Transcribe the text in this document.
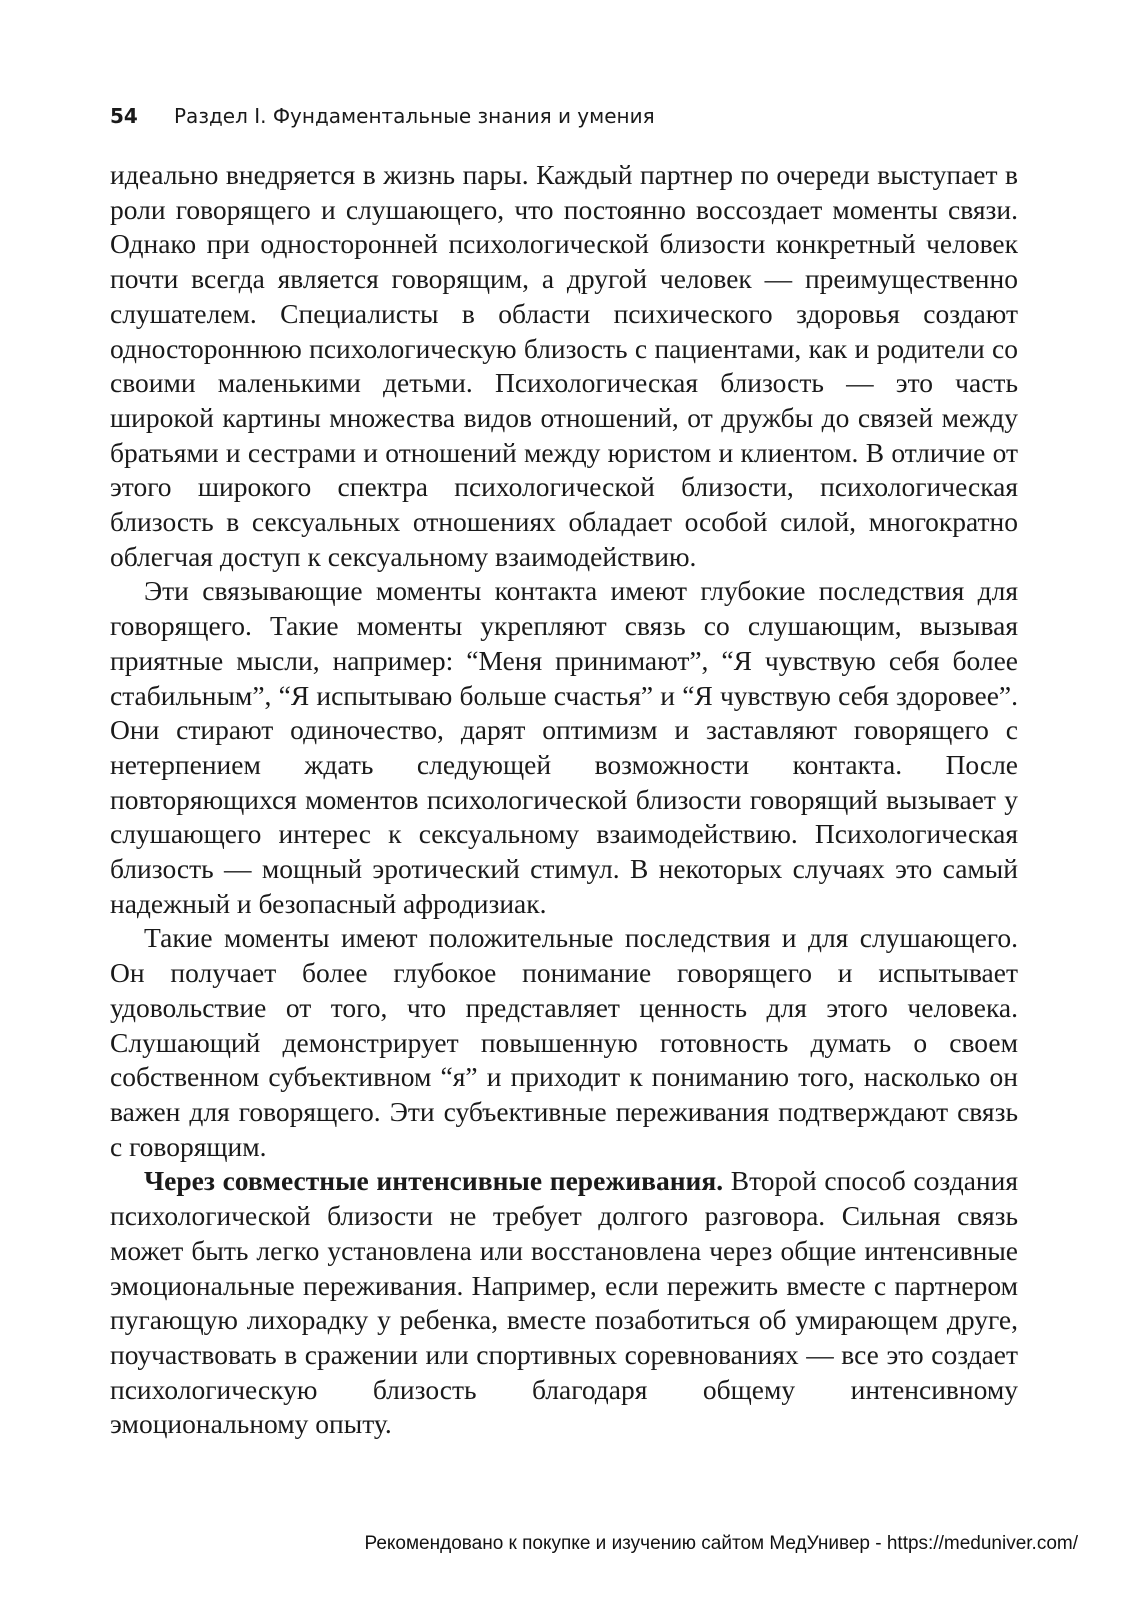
54 Раздел I. Фундаментальные знания и умения

идеально внедряется в жизнь пары. Каждый партнер по очереди выступает в роли говорящего и слушающего, что постоянно воссоздает моменты связи. Однако при односторонней психологической близости конкретный человек почти всегда является говорящим, а другой человек — преимущественно слушателем. Специалисты в области психического здоровья создают одностороннюю психологическую близость с пациентами, как и родители со своими маленькими детьми. Психологическая близость — это часть широкой картины множества видов отношений, от дружбы до связей между братьями и сестрами и отношений между юристом и клиентом. В отличие от этого широкого спектра психологической близости, психологическая близость в сексуальных отношениях обладает особой силой, многократно облегчая доступ к сексуальному взаимодействию.

Эти связывающие моменты контакта имеют глубокие последствия для говорящего. Такие моменты укрепляют связь со слушающим, вызывая приятные мысли, например: “Меня принимают”, “Я чувствую себя более стабильным”, “Я испытываю больше счастья” и “Я чувствую себя здоровее”. Они стирают одиночество, дарят оптимизм и заставляют говорящего с нетерпением ждать следующей возможности контакта. После повторяющихся моментов психологической близости говорящий вызывает у слушающего интерес к сексуальному взаимодействию. Психологическая близость — мощный эротический стимул. В некоторых случаях это самый надежный и безопасный афродизиак.

Такие моменты имеют положительные последствия и для слушающего. Он получает более глубокое понимание говорящего и испытывает удовольствие от того, что представляет ценность для этого человека. Слушающий демонстрирует повышенную готовность думать о своем собственном субъективном “я” и приходит к пониманию того, насколько он важен для говорящего. Эти субъективные переживания подтверждают связь с говорящим.

Через совместные интенсивные переживания. Второй способ создания психологической близости не требует долгого разговора. Сильная связь может быть легко установлена или восстановлена через общие интенсивные эмоциональные переживания. Например, если пережить вместе с партнером пугающую лихорадку у ребенка, вместе позаботиться об умирающем друге, поучаствовать в сражении или спортивных соревнованиях — все это создает психологическую близость благодаря общему интенсивному эмоциональному опыту.

Рекомендовано к покупке и изучению сайтом МедУнивер - https://meduniver.com/
